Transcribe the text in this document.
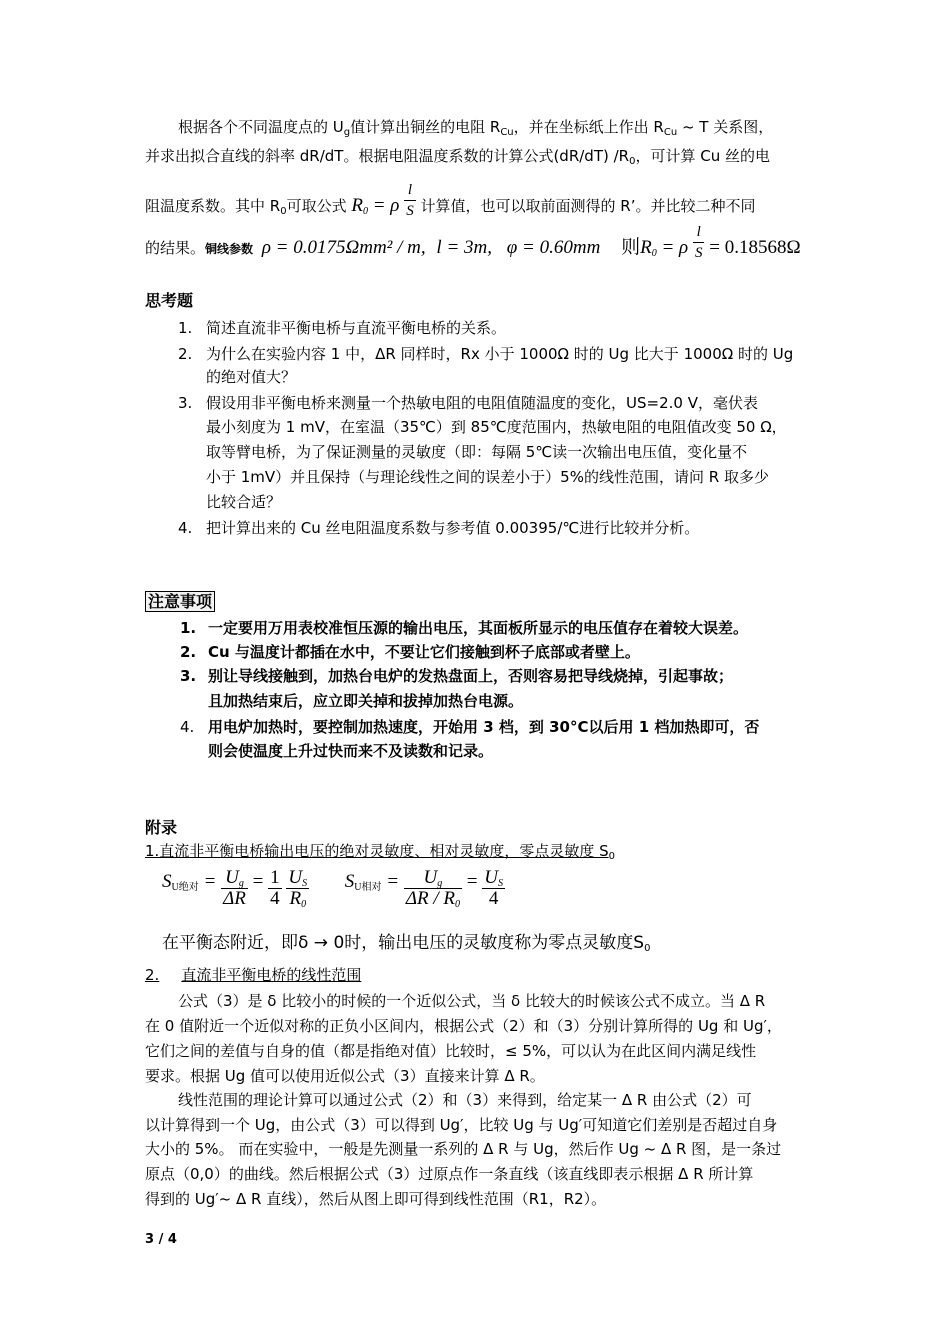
根据各个不同温度点的 $U_g$值计算出铜丝的电阻 $R_{Cu}$，并在坐标纸上作出 $R_{Cu}$ ~ T 关系图，
并求出拟合直线的斜率 dR/dT。根据电阻温度系数的计算公式(dR/dT) $/R_0$，可计算 Cu 丝的电
阻温度系数。其中 $R_0$可取公式 $R_0 = \rho \frac{l}{S}$ 计算值，也可以取前面测得的 R’。并比较二种不同
的结果。铜线参数 ρ = 0.0175Ωmm² / m, l = 3m, φ = 0.60mm 则$R_0 = \rho \frac{l}{S} = 0.18568\Omega$
思考题
1. 简述直流非平衡电桥与直流平衡电桥的关系。
2. 为什么在实验内容 1 中，ΔR 同样时，Rx 小于 1000Ω 时的 Ug 比大于 1000Ω 时的 Ug
的绝对值大？
3. 假设用非平衡电桥来测量一个热敏电阻的电阻值随温度的变化，US=2.0 V，毫伏表
最小刻度为 1 mV，在室温（35℃）到 85℃度范围内，热敏电阻的电阻值改变 50 Ω，
取等臂电桥，为了保证测量的灵敏度（即：每隔 5℃读一次输出电压值，变化量不
小于 1mV）并且保持（与理论线性之间的误差小于）5%的线性范围，请问 R 取多少
比较合适？
4. 把计算出来的 Cu 丝电阻温度系数与参考值 0.00395/℃进行比较并分析。
注意事项
1. 一定要用万用表校准恒压源的输出电压，其面板所显示的电压值存在着较大误差。
2. Cu 与温度计都插在水中，不要让它们接触到杯子底部或者壁上。
3. 别让导线接触到，加热台电炉的发热盘面上，否则容易把导线烧掉，引起事故；
且加热结束后，应立即关掉和拔掉加热台电源。
4. 用电炉加热时，要控制加热速度，开始用 3 档，到 30°C以后用 1 档加热即可，否
则会使温度上升过快而来不及读数和记录。
附录
1.直流非平衡电桥输出电压的绝对灵敏度、相对灵敏度，零点灵敏度 $S_0$
$S_{U绝对} = \frac{U_g}{\Delta R} = \frac{1}{4}$
$\frac{U_S}{R_0} S_{U相对} = \frac{U_g}{\Delta R / R_0} = \frac{U_S}{4}$
在平衡态附近，即δ → 0时，输出电压的灵敏度称为零点灵敏度$S_0$
2. 直流非平衡电桥的线性范围
公式（3）是 δ 比较小的时候的一个近似公式，当 δ 比较大的时候该公式不成立。当 Δ R
在 0 值附近一个近似对称的正负小区间内，根据公式（2）和（3）分别计算所得的 Ug 和 Ug′，
它们之间的差值与自身的值（都是指绝对值）比较时，≤ 5%，可以认为在此区间内满足线性
要求。根据 Ug 值可以使用近似公式（3）直接来计算 Δ R。
线性范围的理论计算可以通过公式（2）和（3）来得到，给定某一 Δ R 由公式（2）可
以计算得到一个 Ug，由公式（3）可以得到 Ug′，比较 Ug 与 Ug′可知道它们差别是否超过自身
大小的 5%。 而在实验中，一般是先测量一系列的 Δ R 与 Ug，然后作 Ug ~ Δ R 图，是一条过
原点（0,0）的曲线。然后根据公式（3）过原点作一条直线（该直线即表示根据 Δ R 所计算
得到的 Ug′~ Δ R 直线），然后从图上即可得到线性范围（R1，R2）。
3 / 4
